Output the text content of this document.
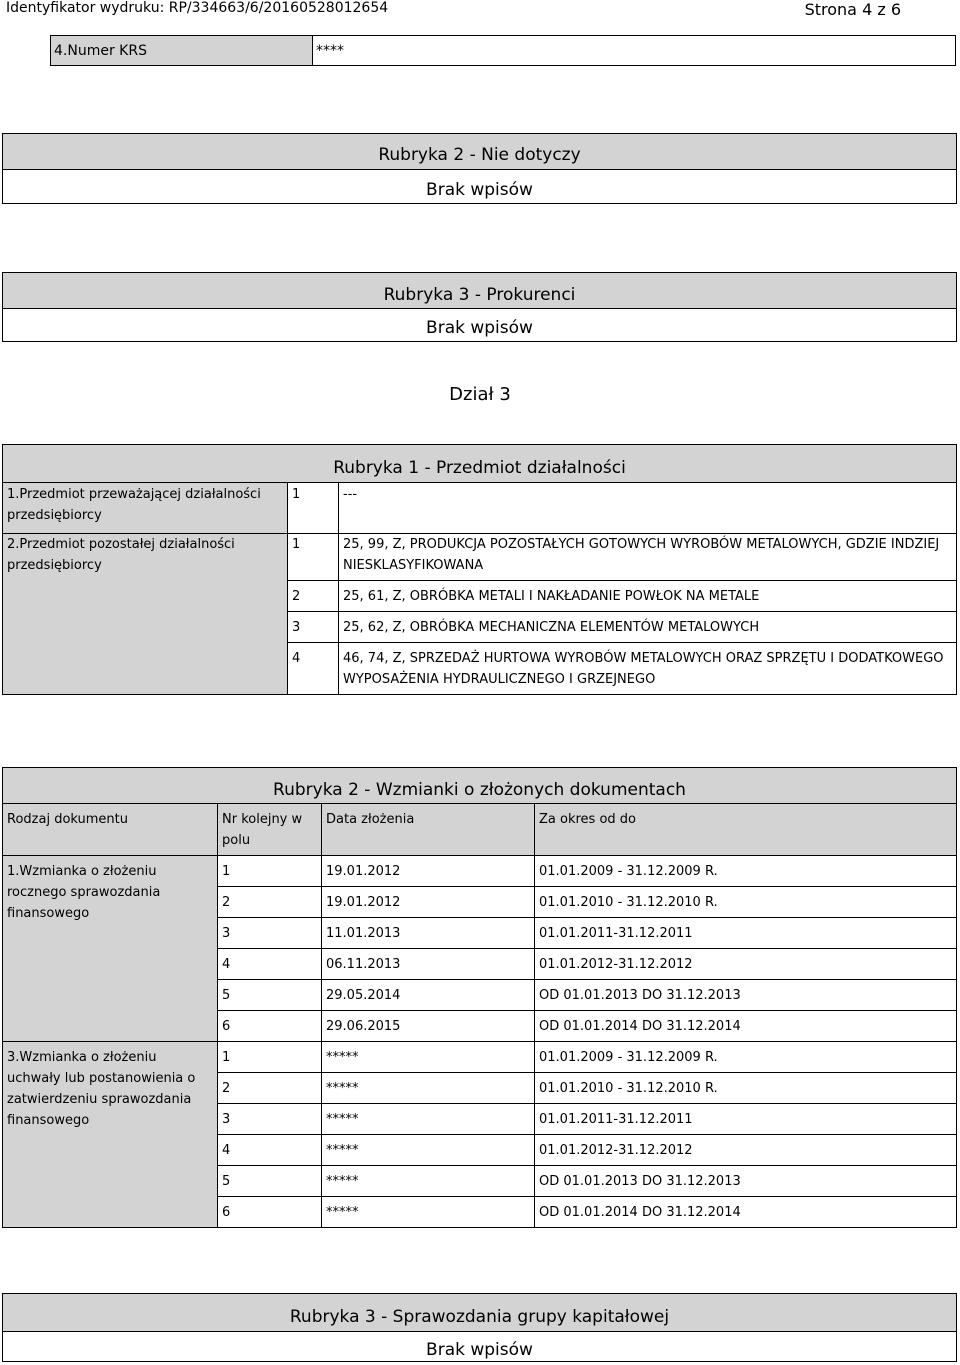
Identyfikator wydruku: RP/334663/6/20160528012654	Strona 4 z 6
4.Numer KRS	****
Rubryka 2 - Nie dotyczy
Brak wpisów
Rubryka 3 - Prokurenci
Brak wpisów
Dział 3
Rubryka 1 - Przedmiot działalności		
1.Przedmiot przeważającej działalności przedsiębiorcy	1	---
2.Przedmiot pozostałej działalności przedsiębiorcy	1	25, 99, Z, PRODUKCJA POZOSTAŁYCH GOTOWYCH WYROBÓW METALOWYCH, GDZIE INDZIEJ NIESKLASYFIKOWANA
	2	25, 61, Z, OBRÓBKA METALI I NAKŁADANIE POWŁOK NA METALE
	3	25, 62, Z, OBRÓBKA MECHANICZNA ELEMENTÓW METALOWYCH
	4	46, 74, Z, SPRZEDAŻ HURTOWA WYROBÓW METALOWYCH ORAZ SPRZĘTU I DODATKOWEGO WYPOSAŻENIA HYDRAULICZNEGO I GRZEJNEGO
Rubryka 2 - Wzmianki o złożonych dokumentach			
Rodzaj dokumentu	Nr kolejny w polu	Data złożenia	Za okres od do
1.Wzmianka o złożeniu rocznego sprawozdania finansowego	1	19.01.2012	01.01.2009 - 31.12.2009 R.
	2	19.01.2012	01.01.2010 - 31.12.2010 R.
	3	11.01.2013	01.01.2011-31.12.2011
	4	06.11.2013	01.01.2012-31.12.2012
	5	29.05.2014	OD 01.01.2013 DO 31.12.2013
	6	29.06.2015	OD 01.01.2014 DO 31.12.2014
3.Wzmianka o złożeniu uchwały lub postanowienia o zatwierdzeniu sprawozdania finansowego	1	*****	01.01.2009 - 31.12.2009 R.
	2	*****	01.01.2010 - 31.12.2010 R.
	3	*****	01.01.2011-31.12.2011
	4	*****	01.01.2012-31.12.2012
	5	*****	OD 01.01.2013 DO 31.12.2013
	6	*****	OD 01.01.2014 DO 31.12.2014
Rubryka 3 - Sprawozdania grupy kapitałowej
Brak wpisów
